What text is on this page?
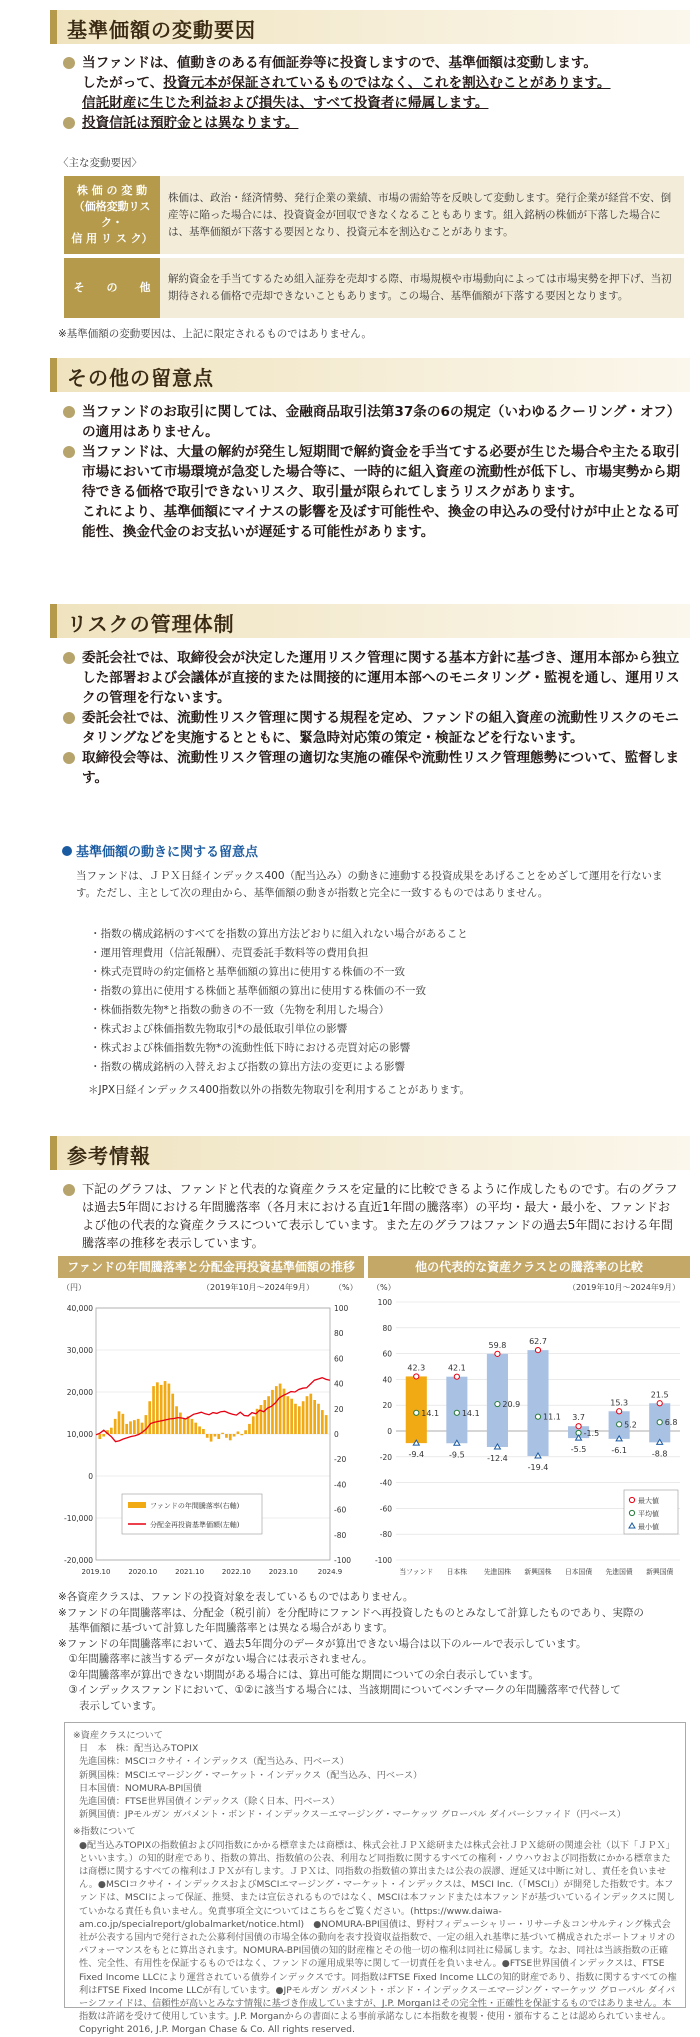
基準価額の変動要因

当ファンドは、値動きのある有価証券等に投資しますので、基準価額は変動します。
したがって、投資元本が保証されているものではなく、これを割込むことがあります。
信託財産に生じた利益および損失は、すべて投資者に帰属します。

投資信託は預貯金とは異なります。

〈主な変動要因〉
株 価 の 変 動
（価格変動リスク・
信 用 リ ス ク）	株価は、政治・経済情勢、発行企業の業績、市場の需給等を反映して変動します。発行企業が経営不安、倒産等に陥った場合には、投資資金が回収できなくなることもあります。組入銘柄の株価が下落した場合には、基準価額が下落する要因となり、投資元本を割込むことがあります。
そ　　の　　他	解約資金を手当てするため組入証券を売却する際、市場規模や市場動向によっては市場実勢を押下げ、当初期待される価格で売却できないこともあります。この場合、基準価額が下落する要因となります。
※基準価額の変動要因は、上記に限定されるものではありません。
その他の留意点

当ファンドのお取引に関しては、金融商品取引法第37条の6の規定（いわゆるクーリング・オフ）の適用はありません。

当ファンドは、大量の解約が発生し短期間で解約資金を手当てする必要が生じた場合や主たる取引市場において市場環境が急変した場合等に、一時的に組入資産の流動性が低下し、市場実勢から期待できる価格で取引できないリスク、取引量が限られてしまうリスクがあります。

これにより、基準価額にマイナスの影響を及ぼす可能性や、換金の申込みの受付けが中止となる可能性、換金代金のお支払いが遅延する可能性があります。

リスクの管理体制

委託会社では、取締役会が決定した運用リスク管理に関する基本方針に基づき、運用本部から独立した部署および会議体が直接的または間接的に運用本部へのモニタリング・監視を通し、運用リスクの管理を行ないます。

委託会社では、流動性リスク管理に関する規程を定め、ファンドの組入資産の流動性リスクのモニタリングなどを実施するとともに、緊急時対応策の策定・検証などを行ないます。

取締役会等は、流動性リスク管理の適切な実施の確保や流動性リスク管理態勢について、監督します。

基準価額の動きに関する留意点
当ファンドは、ＪＰＸ日経インデックス400（配当込み）の動きに連動する投資成果をあげることをめざして運用を行ないます。ただし、主として次の理由から、基準価額の動きが指数と完全に一致するものではありません。
・指数の構成銘柄のすべてを指数の算出方法どおりに組入れない場合があること
・運用管理費用（信託報酬）、売買委託手数料等の費用負担
・株式売買時の約定価格と基準価額の算出に使用する株価の不一致
・指数の算出に使用する株価と基準価額の算出に使用する株価の不一致
・株価指数先物*と指数の動きの不一致（先物を利用した場合）
・株式および株価指数先物取引*の最低取引単位の影響
・株式および株価指数先物*の流動性低下時における売買対応の影響
・指数の構成銘柄の入替えおよび指数の算出方法の変更による影響
＊JPX日経インデックス400指数以外の指数先物取引を利用することがあります。
参考情報

下記のグラフは、ファンドと代表的な資産クラスを定量的に比較できるように作成したものです。右のグラフは過去5年間における年間騰落率（各月末における直近1年間の騰落率）の平均・最大・最小を、ファンドおよび他の代表的な資産クラスについて表示しています。また左のグラフはファンドの過去5年間における年間騰落率の推移を表示しています。

ファンドの年間騰落率と分配金再投資基準価額の推移
（円）	（%）
（2019年10月～2024年9月）
40,000
30,000
20,000
10,000
0
-10,000
-20,000
100
80
60
40
20
0
-20
-40
-60
-80
-100
2019.10	2020.10	2021.10	2022.10	2023.10	2024.9
ファンドの年間騰落率(右軸)
分配金再投資基準価額(左軸)
他の代表的な資産クラスとの騰落率の比較
（%）	（2019年10月～2024年9月）
100
80
60
40
20
0
-20
-40
-60
-80
-100
42.3
14.1
-9.4
当ファンド
42.1
14.1
-9.5
日本株
59.8
20.9
-12.4
先進国株
62.7
11.1
-19.4
新興国株
3.7
-1.5
-5.5
日本国債
15.3
5.2
-6.1
先進国債
21.5
6.8
-8.8
新興国債
最大値
平均値
最小値
※各資産クラスは、ファンドの投資対象を表しているものではありません。
※ファンドの年間騰落率は、分配金（税引前）を分配時にファンドへ再投資したものとみなして計算したものであり、実際の
　基準価額に基づいて計算した年間騰落率とは異なる場合があります。
※ファンドの年間騰落率において、過去5年間分のデータが算出できない場合は以下のルールで表示しています。
　①年間騰落率に該当するデータがない場合には表示されません。
　②年間騰落率が算出できない期間がある場合には、算出可能な期間についての余白表示しています。
　③インデックスファンドにおいて、①②に該当する場合には、当該期間についてベンチマークの年間騰落率で代替して
　　表示しています。
※資産クラスについて
日　本　株：配当込みTOPIX
先進国株：MSCIコクサイ・インデックス（配当込み、円ベース）
新興国株：MSCIエマージング・マーケット・インデックス（配当込み、円ベース）
日本国債：NOMURA-BPI国債
先進国債：FTSE世界国債インデックス（除く日本、円ベース）
新興国債：JPモルガン ガバメント・ボンド・インデックス－エマージング・マーケッツ グローバル ダイバーシファイド（円ベース）
※指数について
●配当込みTOPIXの指数値および同指数にかかる標章または商標は、株式会社ＪＰＸ総研または株式会社ＪＰＸ総研の関連会社（以下「ＪＰＸ」といいます。）の知的財産であり、指数の算出、指数値の公表、利用など同指数に関するすべての権利・ノウハウおよび同指数にかかる標章または商標に関するすべての権利はＪＰＸが有します。ＪＰＸは、同指数の指数値の算出または公表の誤謬、遅延又は中断に対し、責任を負いません。●MSCIコクサイ・インデックスおよびMSCIエマージング・マーケット・インデックスは、MSCI Inc.（「MSCI」）が開発した指数です。本ファンドは、MSCIによって保証、推奨、または宣伝されるものではなく、MSCIは本ファンドまたは本ファンドが基づいているインデックスに関していかなる責任も負いません。免責事項全文についてはこちらをご覧ください。(https://www.daiwa-am.co.jp/specialreport/globalmarket/notice.html)　●NOMURA-BPI国債は、野村フィデューシャリー・リサーチ＆コンサルティング株式会社が公表する国内で発行された公募利付国債の市場全体の動向を表す投資収益指数で、一定の組入れ基準に基づいて構成されたポートフォリオのパフォーマンスをもとに算出されます。NOMURA-BPI国債の知的財産権とその他一切の権利は同社に帰属します。なお、同社は当該指数の正確性、完全性、有用性を保証するものではなく、ファンドの運用成果等に関して一切責任を負いません。●FTSE世界国債インデックスは、FTSE Fixed Income LLCにより運営されている債券インデックスです。同指数はFTSE Fixed Income LLCの知的財産であり、指数に関するすべての権利はFTSE Fixed Income LLCが有しています。●JPモルガン ガバメント・ボンド・インデックス－エマージング・マーケッツ グローバル ダイバーシファイドは、信頼性が高いとみなす情報に基づき作成していますが、J.P. Morganはその完全性・正確性を保証するものではありません。本指数は許諾を受けて使用しています。J.P. Morganからの書面による事前承諾なしに本指数を複製・使用・頒布することは認められていません。Copyright 2016, J.P. Morgan Chase & Co. All rights reserved.
